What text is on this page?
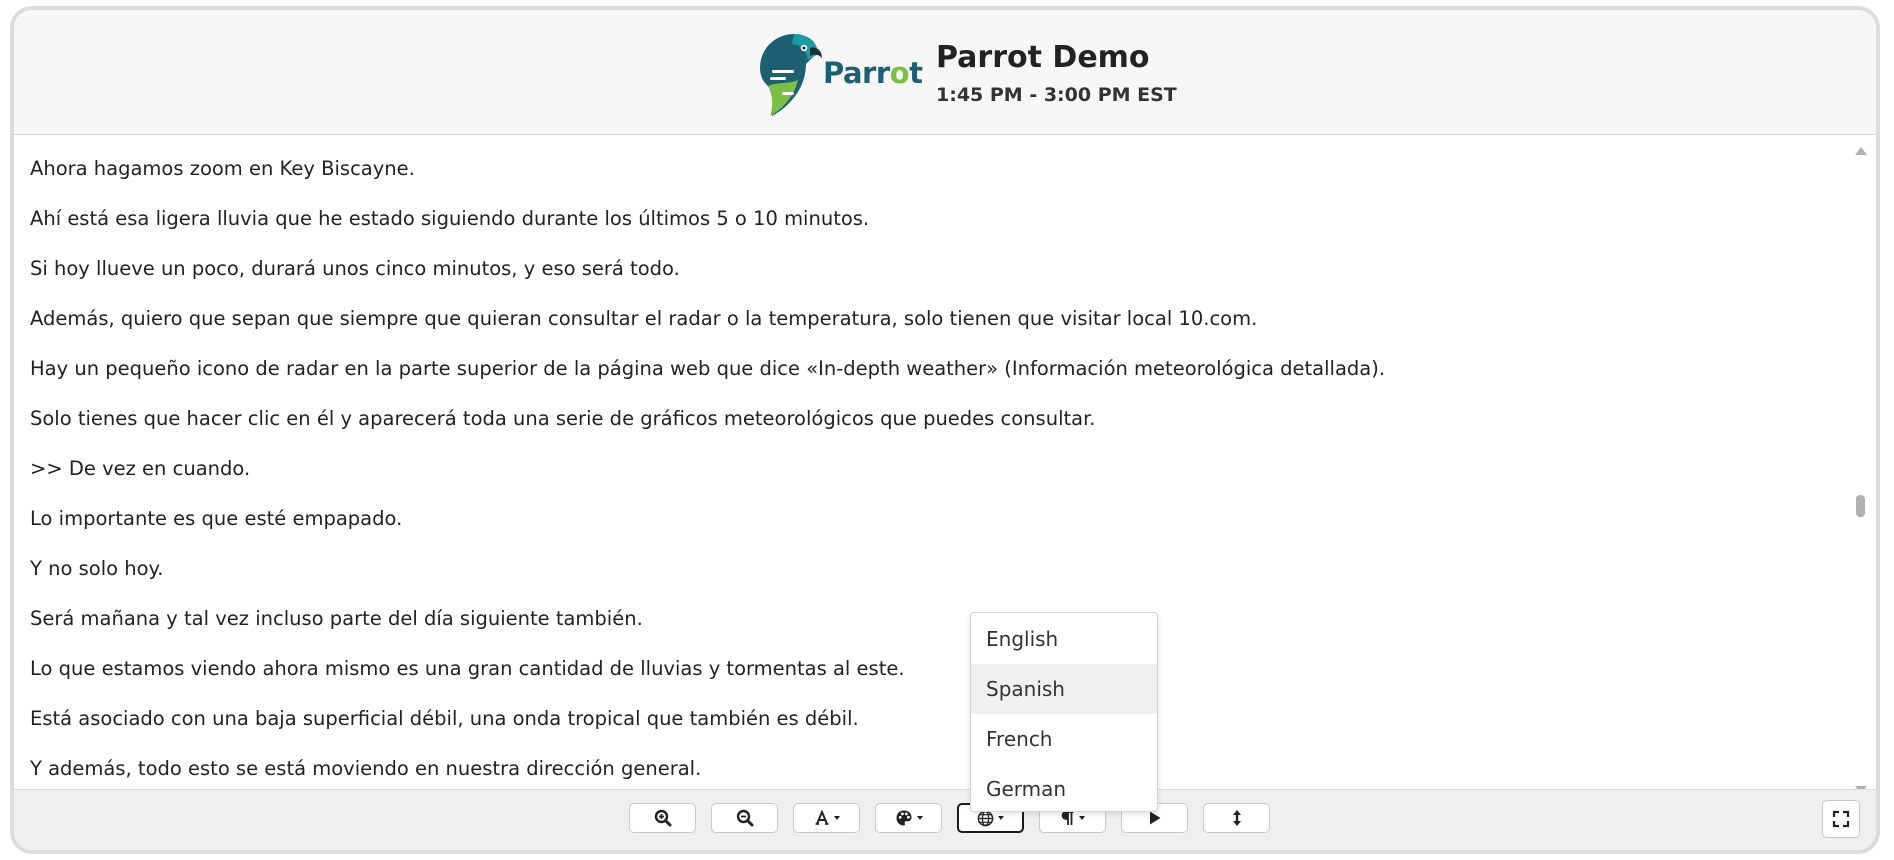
Parrot Parrot Demo
1:45 PM - 3:00 PM EST
Ahora hagamos zoom en Key Biscayne.
Ahí está esa ligera lluvia que he estado siguiendo durante los últimos 5 o 10 minutos.
Si hoy llueve un poco, durará unos cinco minutos, y eso será todo.
Además, quiero que sepan que siempre que quieran consultar el radar o la temperatura, solo tienen que visitar local 10.com.
Hay un pequeño icono de radar en la parte superior de la página web que dice «In-depth weather» (Información meteorológica detallada).
Solo tienes que hacer clic en él y aparecerá toda una serie de gráficos meteorológicos que puedes consultar.
>> De vez en cuando.
Lo importante es que esté empapado.
Y no solo hoy.
Será mañana y tal vez incluso parte del día siguiente también.
Lo que estamos viendo ahora mismo es una gran cantidad de lluvias y tormentas al este.
Está asociado con una baja superficial débil, una onda tropical que también es débil.
Y además, todo esto se está moviendo en nuestra dirección general.
English
Spanish
French
German
